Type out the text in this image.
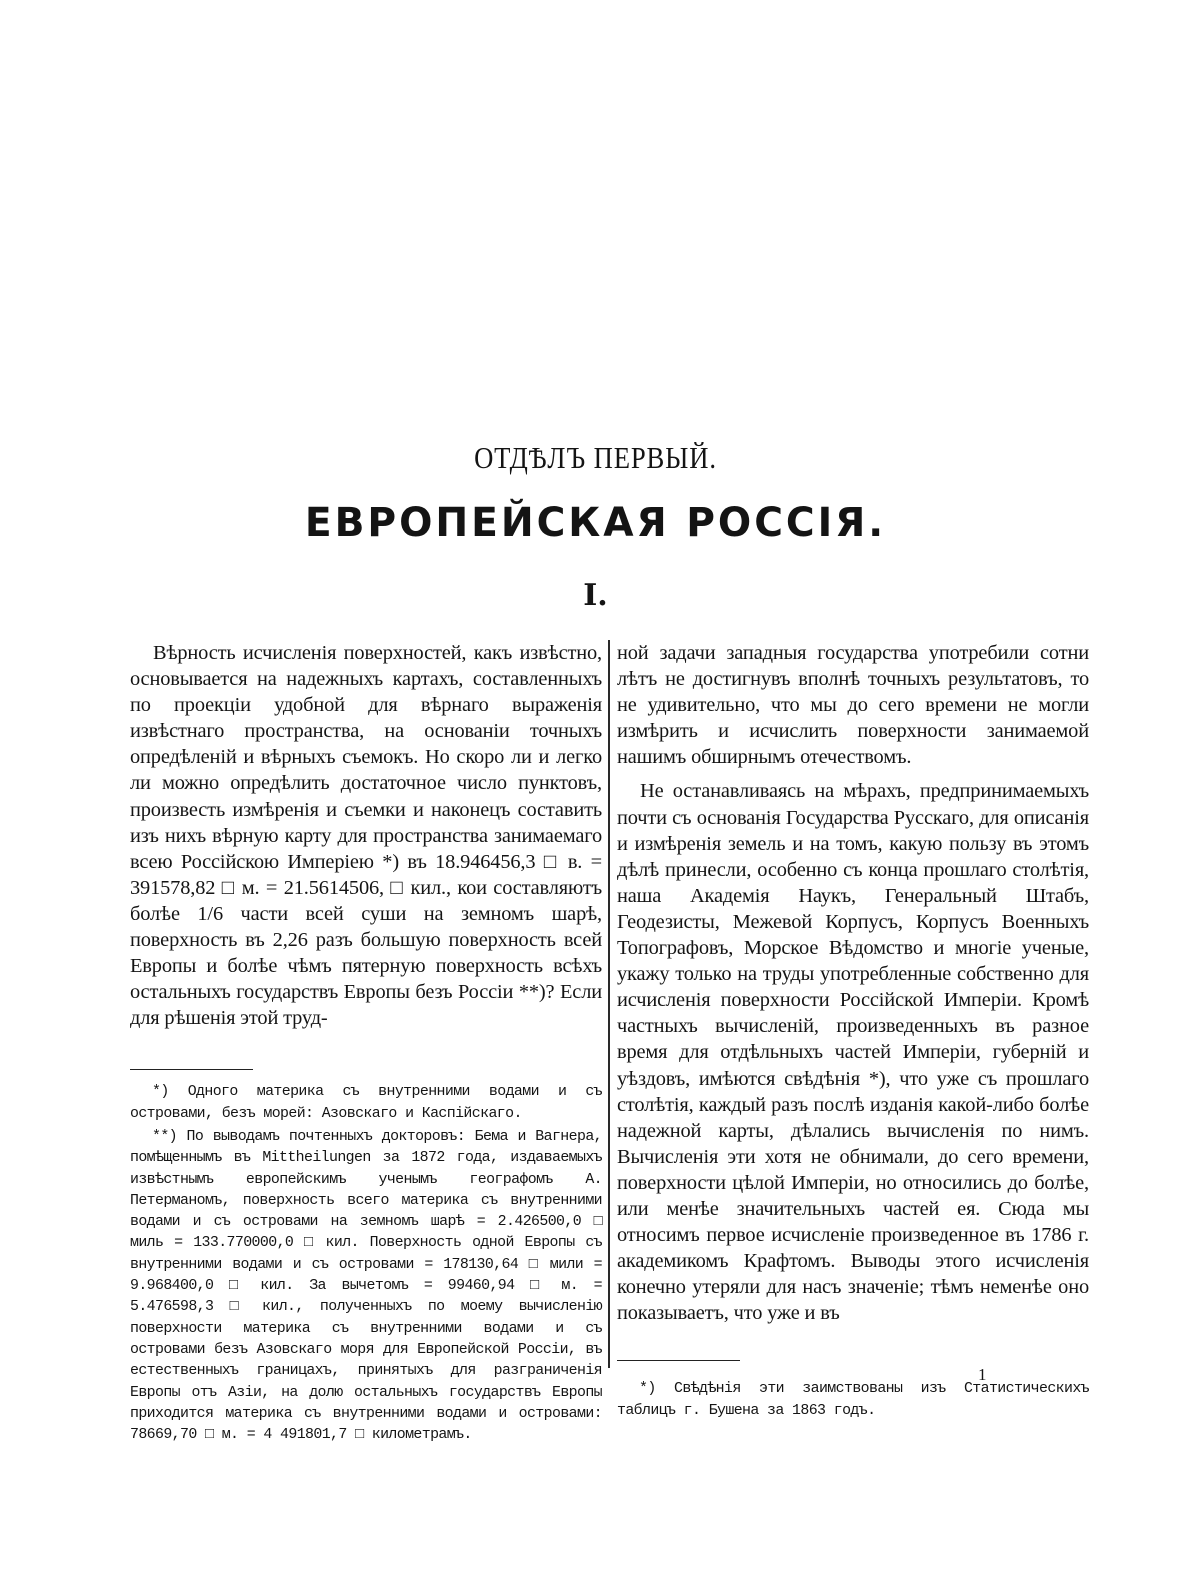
ОТДѢЛЪ ПЕРВЫЙ.
ЕВРОПЕЙСКАЯ РОССІЯ.
I.

Вѣрность исчисленія поверхностей, какъ извѣстно, основывается на надежныхъ картахъ, составленныхъ по проекціи удобной для вѣрнаго выраженія извѣстнаго пространства, на основаніи точныхъ опредѣленій и вѣрныхъ съемокъ. Но скоро ли и легко ли можно опредѣлить достаточное число пунктовъ, произвесть измѣренія и съемки и наконецъ составить изъ нихъ вѣрную карту для пространства занимаемаго всею Россійскою Имперіею *) въ 18.946456,3 □ в. = 391578,82 □ м. = 21.5614506, □ кил., кои составляютъ болѣе 1/6 части всей суши на земномъ шарѣ, поверхность въ 2,26 разъ большую поверхность всей Европы и болѣе чѣмъ пятерную поверхность всѣхъ остальныхъ государствъ Европы безъ Россіи **)? Если для рѣшенія этой труд-

*) Одного материка съ внутренними водами и съ островами, безъ морей: Азовскаго и Каспійскаго.

**) По выводамъ почтенныхъ докторовъ: Бема и Вагнера, помѣщеннымъ въ Mittheilungen за 1872 года, издаваемыхъ извѣстнымъ европейскимъ ученымъ географомъ А. Петерманомъ, поверхность всего материка съ внутренними водами и съ островами на земномъ шарѣ = 2.426500,0 □ миль = 133.770000,0 □ кил. Поверхность одной Европы съ внутренними водами и съ островами = 178130,64 □ мили = 9.968400,0 □ кил. За вычетомъ = 99460,94 □ м. = 5.476598,3 □ кил., полученныхъ по моему вычисленію поверхности материка съ внутренними водами и съ островами безъ Азовскаго моря для Европейской Россіи, въ естественныхъ границахъ, принятыхъ для разграниченія Европы отъ Азіи, на долю остальныхъ государствъ Европы приходится материка съ внутренними водами и островами: 78669,70 □ м. = 4 491801,7 □ километрамъ.

ной задачи западныя государства употребили сотни лѣтъ не достигнувъ вполнѣ точныхъ результатовъ, то не удивительно, что мы до сего времени не могли измѣрить и исчислить поверхности занимаемой нашимъ обширнымъ отечествомъ.

Не останавливаясь на мѣрахъ, предпринимаемыхъ почти съ основанія Государства Русскаго, для описанія и измѣренія земель и на томъ, какую пользу въ этомъ дѣлѣ принесли, особенно съ конца прошлаго столѣтія, наша Академія Наукъ, Генеральный Штабъ, Геодезисты, Межевой Корпусъ, Корпусъ Военныхъ Топографовъ, Морское Вѣдомство и многіе ученые, укажу только на труды употребленные собственно для исчисленія поверхности Россійской Имперіи. Кромѣ частныхъ вычисленій, произведенныхъ въ разное время для отдѣльныхъ частей Имперіи, губерній и уѣздовъ, имѣются свѣдѣнія *), что уже съ прошлаго столѣтія, каждый разъ послѣ изданія какой-либо болѣе надежной карты, дѣлались вычисленія по нимъ. Вычисленія эти хотя не обнимали, до сего времени, поверхности цѣлой Имперіи, но относились до болѣе, или менѣе значительныхъ частей ея. Сюда мы относимъ первое исчисленіе произведенное въ 1786 г. академикомъ Крафтомъ. Выводы этого исчисленія конечно утеряли для насъ значеніе; тѣмъ неменѣе оно показываетъ, что уже и въ

*) Свѣдѣнія эти заимствованы изъ Статистическихъ таблицъ г. Бушена за 1863 годъ.

1
